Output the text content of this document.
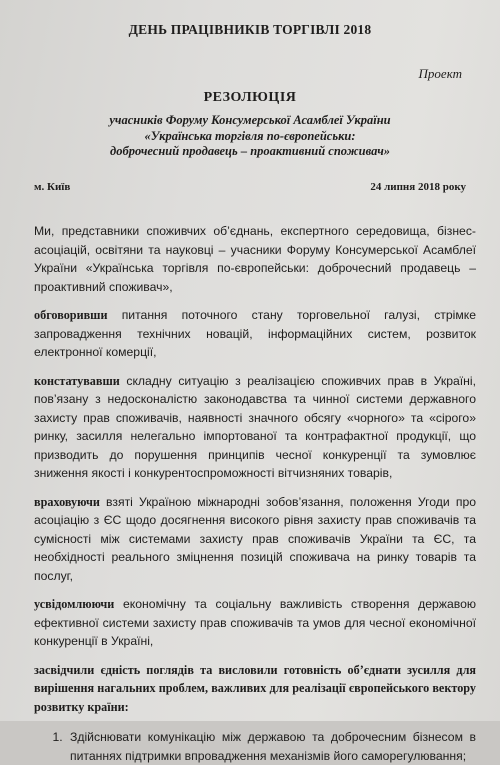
ДЕНЬ ПРАЦІВНИКІВ ТОРГІВЛІ 2018
Проект
РЕЗОЛЮЦІЯ
учасників Форуму Консумерської Асамблеї України
«Українська торгівля по-європейськи:
доброчесний продавець – проактивний споживач»
м. Київ	24 липня 2018 року

Ми, представники споживчих об’єднань, експертного середовища, бізнес-асоціацій, освітяни та науковці – учасники Форуму Консумерської Асамблеї України «Українська торгівля по-європейськи: доброчесний продавець – проактивний споживач»,

обговоривши питання поточного стану торговельної галузі, стрімке запровадження технічних новацій, інформаційних систем, розвиток електронної комерції,

констатувавши складну ситуацію з реалізацією споживчих прав в Україні, пов’язану з недосконалістю законодавства та чинної системи державного захисту прав споживачів, наявності значного обсягу «чорного» та «сірого» ринку, засилля нелегально імпортованої та контрафактної продукції, що призводить до порушення принципів чесної конкуренції та зумовлює зниження якості і конкурентоспроможності вітчизняних товарів,

враховуючи взяті Україною міжнародні зобов’язання, положення Угоди про асоціацію з ЄС щодо досягнення високого рівня захисту прав споживачів та сумісності між системами захисту прав споживачів України та ЄС, та необхідності реального зміцнення позицій споживача на ринку товарів та послуг,

усвідомлюючи економічну та соціальну важливість створення державою ефективної системи захисту прав споживачів та умов для чесної економічної конкуренції в Україні,

засвідчили єдність поглядів та висловили готовність об’єднати зусилля для вирішення нагальних проблем, важливих для реалізації європейського вектору розвитку країни:

1. Здійснювати комунікацію між державою та доброчесним бізнесом в питаннях підтримки впровадження механізмів його саморегулювання;
